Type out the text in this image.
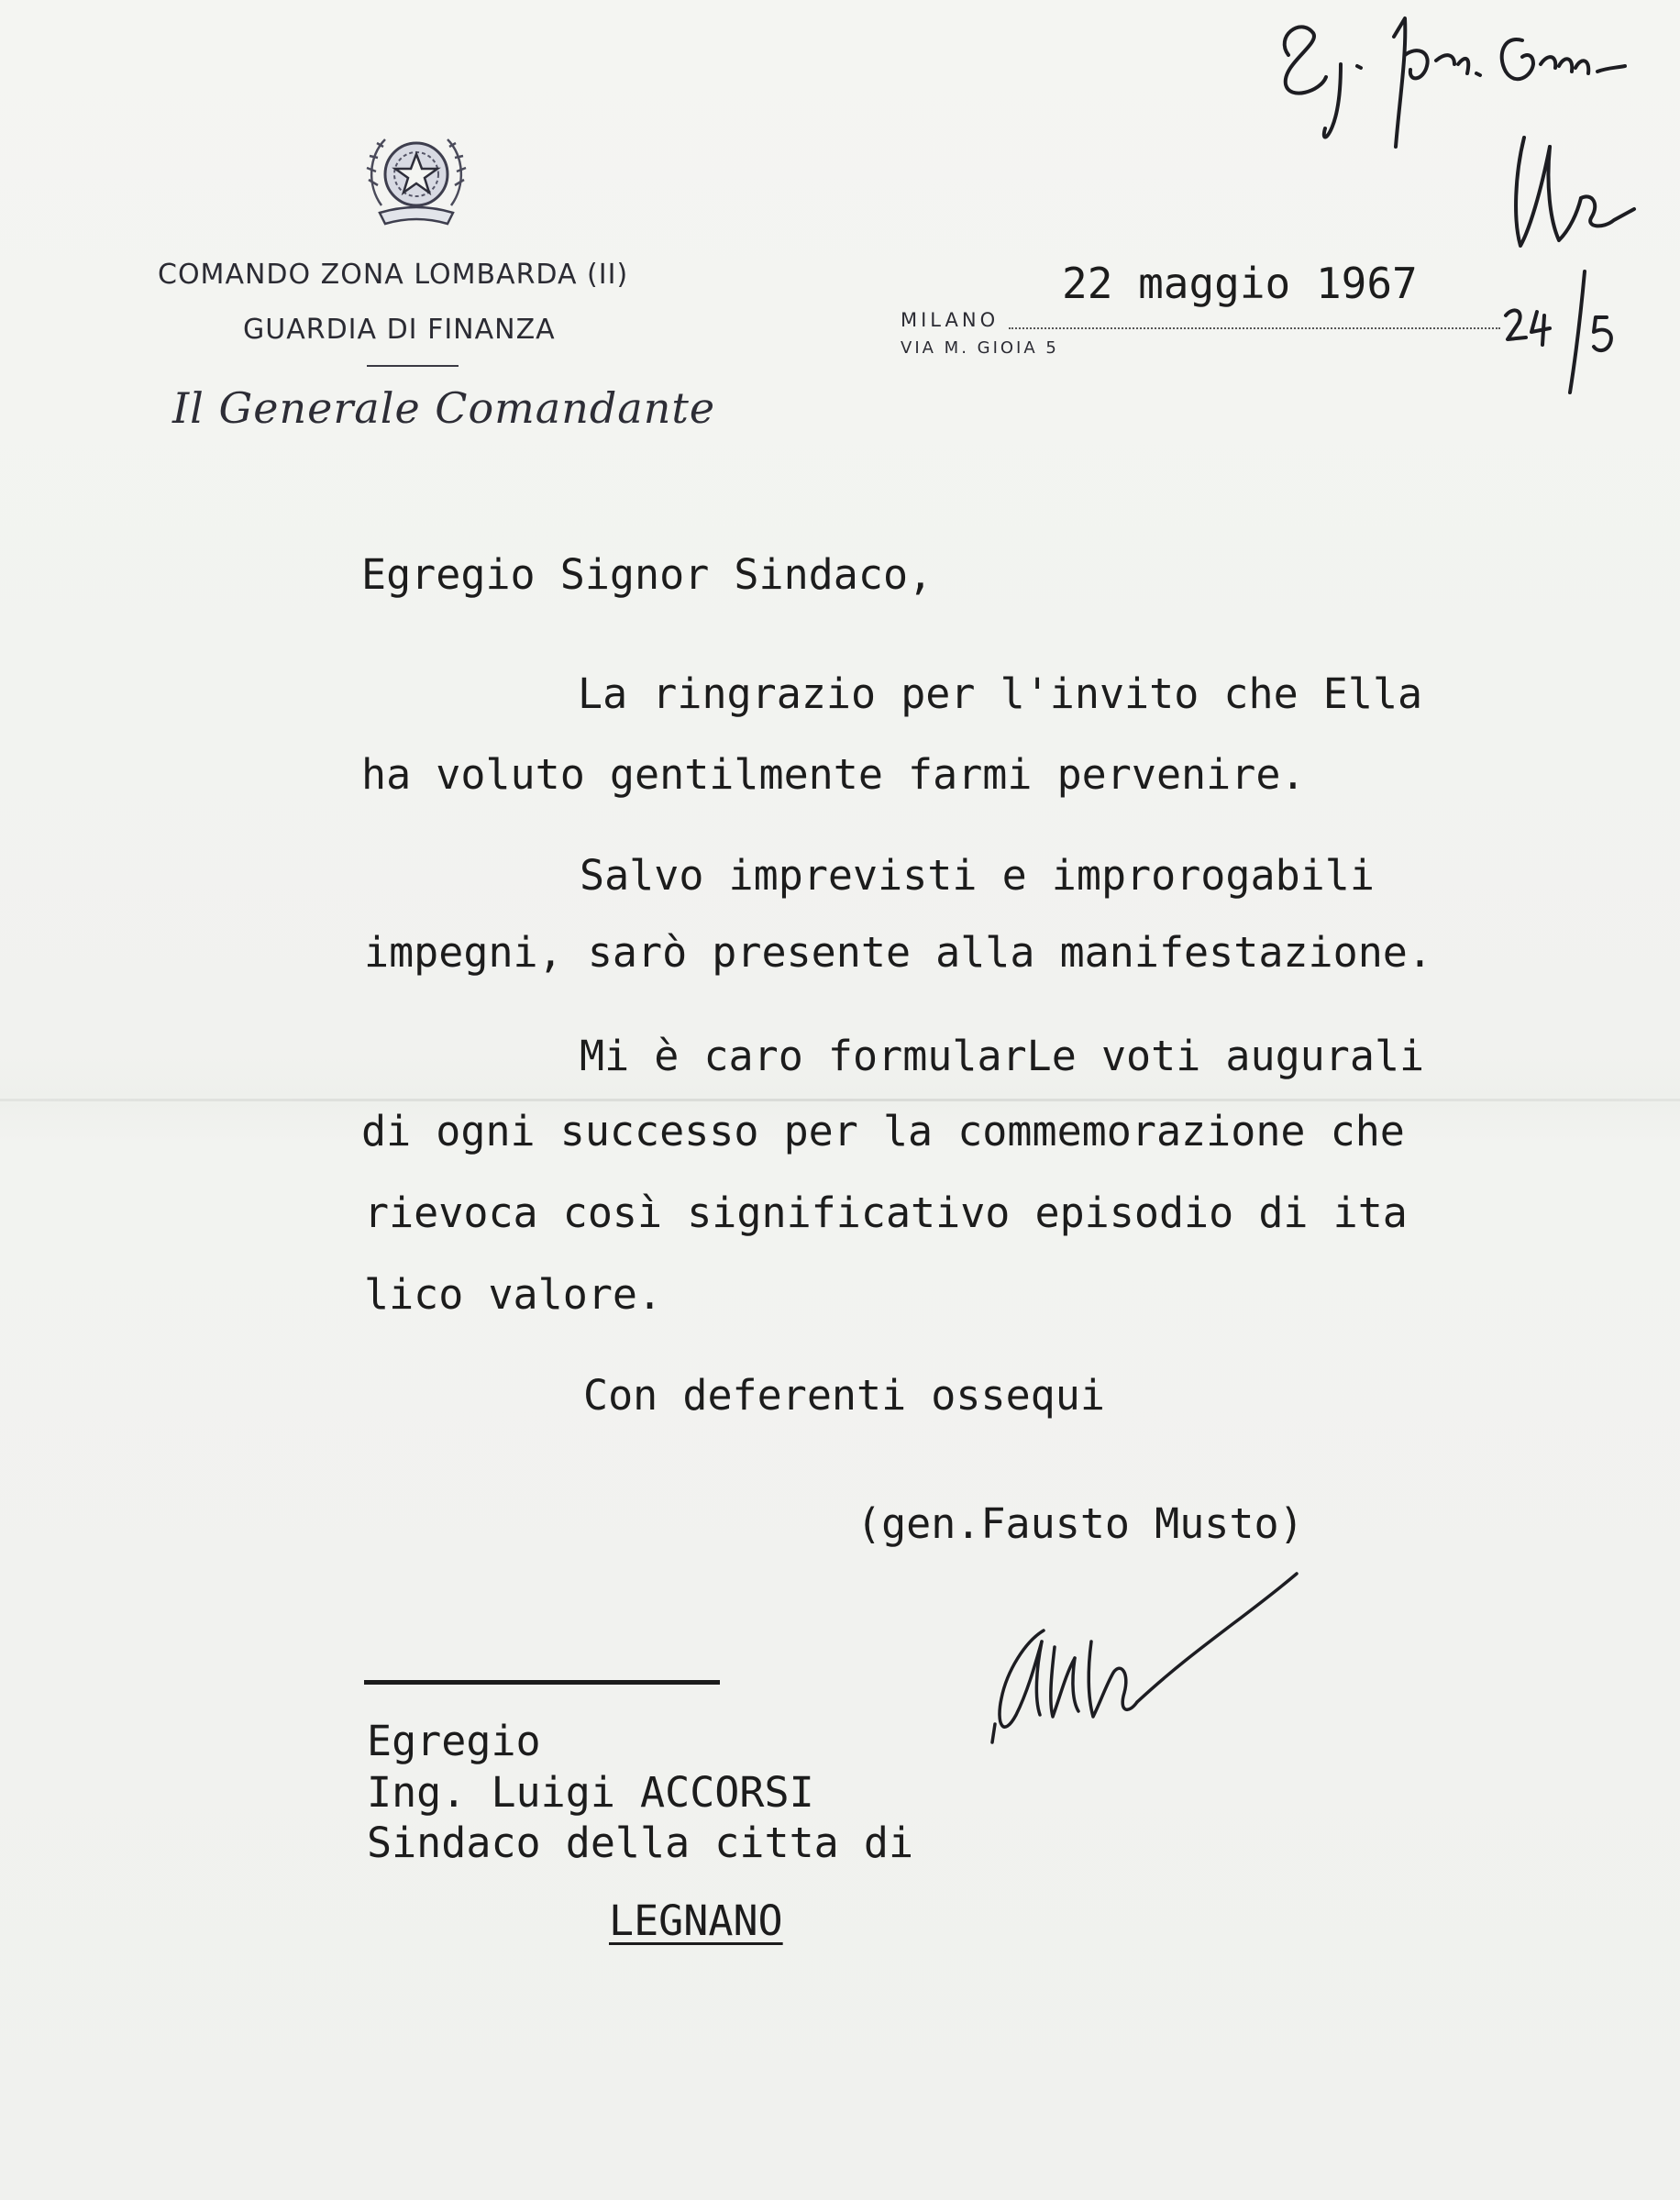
COMANDO ZONA LOMBARDA (II)
GUARDIA DI FINANZA
Il Generale Comandante
MILANO
VIA M. GIOIA 5
22 maggio 1967
Egregio Signor Sindaco,
La ringrazio per l'invito che Ella
ha voluto gentilmente farmi pervenire.
Salvo imprevisti e improrogabili
impegni, sarò presente alla manifestazione.
Mi è caro formularLe voti augurali
di ogni successo per la commemorazione che
rievoca così significativo episodio di ita
lico valore.
Con deferenti ossequi
(gen.Fausto Musto)
Egregio
Ing. Luigi ACCORSI
Sindaco della citta di
LEGNANO
